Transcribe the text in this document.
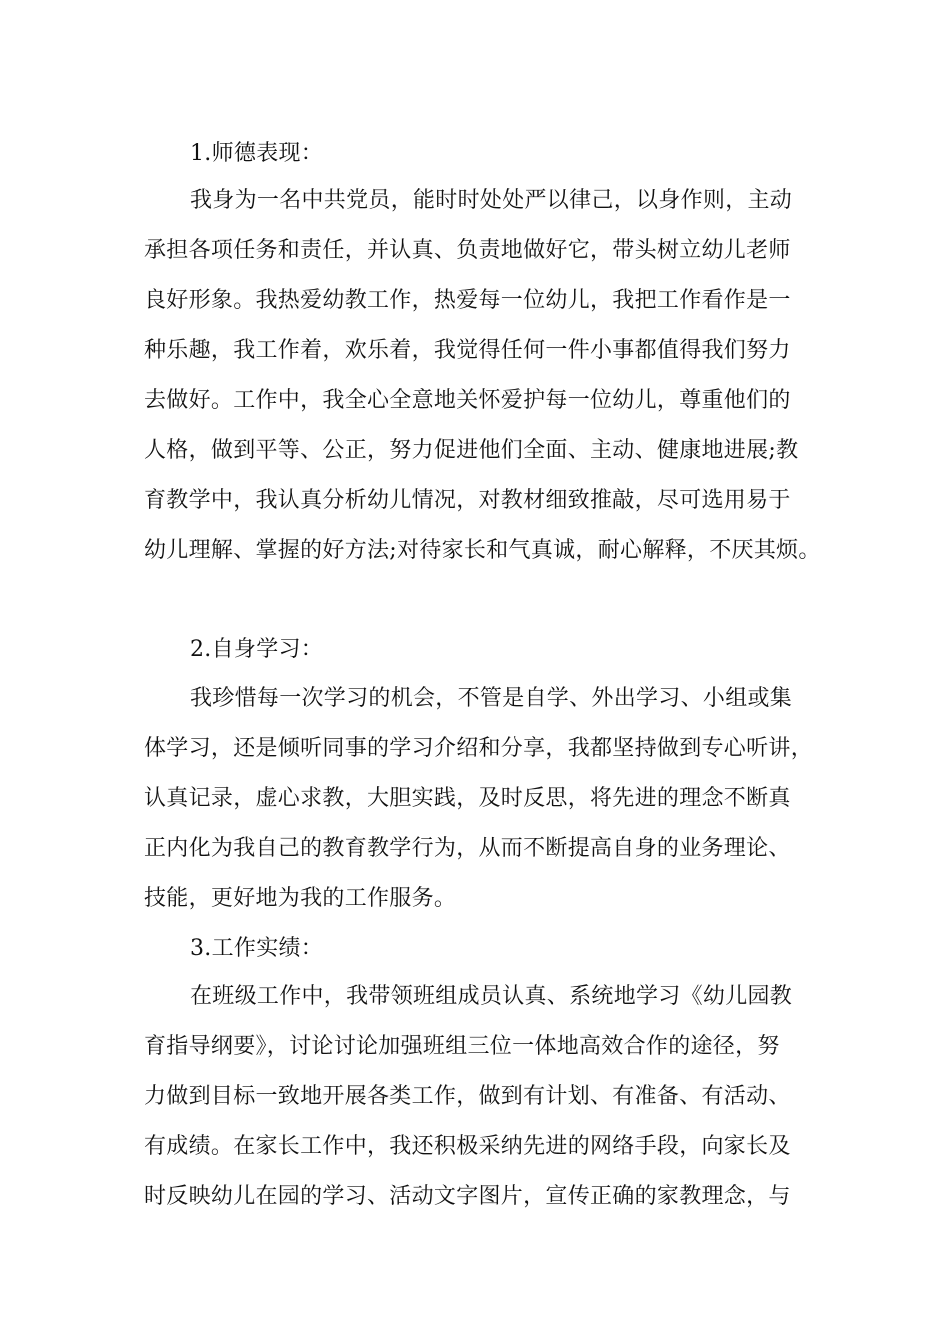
1.师德表现：
我身为一名中共党员，能时时处处严以律己，以身作则，主动
承担各项任务和责任，并认真、负责地做好它，带头树立幼儿老师
良好形象。我热爱幼教工作，热爱每一位幼儿，我把工作看作是一
种乐趣，我工作着，欢乐着，我觉得任何一件小事都值得我们努力
去做好。工作中，我全心全意地关怀爱护每一位幼儿，尊重他们的
人格，做到平等、公正，努力促进他们全面、主动、健康地进展;教
育教学中，我认真分析幼儿情况，对教材细致推敲，尽可选用易于
幼儿理解、掌握的好方法;对待家长和气真诚，耐心解释，不厌其烦。
2.自身学习：
我珍惜每一次学习的机会，不管是自学、外出学习、小组或集
体学习，还是倾听同事的学习介绍和分享，我都坚持做到专心听讲，
认真记录，虚心求教，大胆实践，及时反思，将先进的理念不断真
正内化为我自己的教育教学行为，从而不断提高自身的业务理论、
技能，更好地为我的工作服务。
3.工作实绩：
在班级工作中，我带领班组成员认真、系统地学习《幼儿园教
育指导纲要》，讨论讨论加强班组三位一体地高效合作的途径，努
力做到目标一致地开展各类工作，做到有计划、有准备、有活动、
有成绩。在家长工作中，我还积极采纳先进的网络手段，向家长及
时反映幼儿在园的学习、活动文字图片，宣传正确的家教理念，与
